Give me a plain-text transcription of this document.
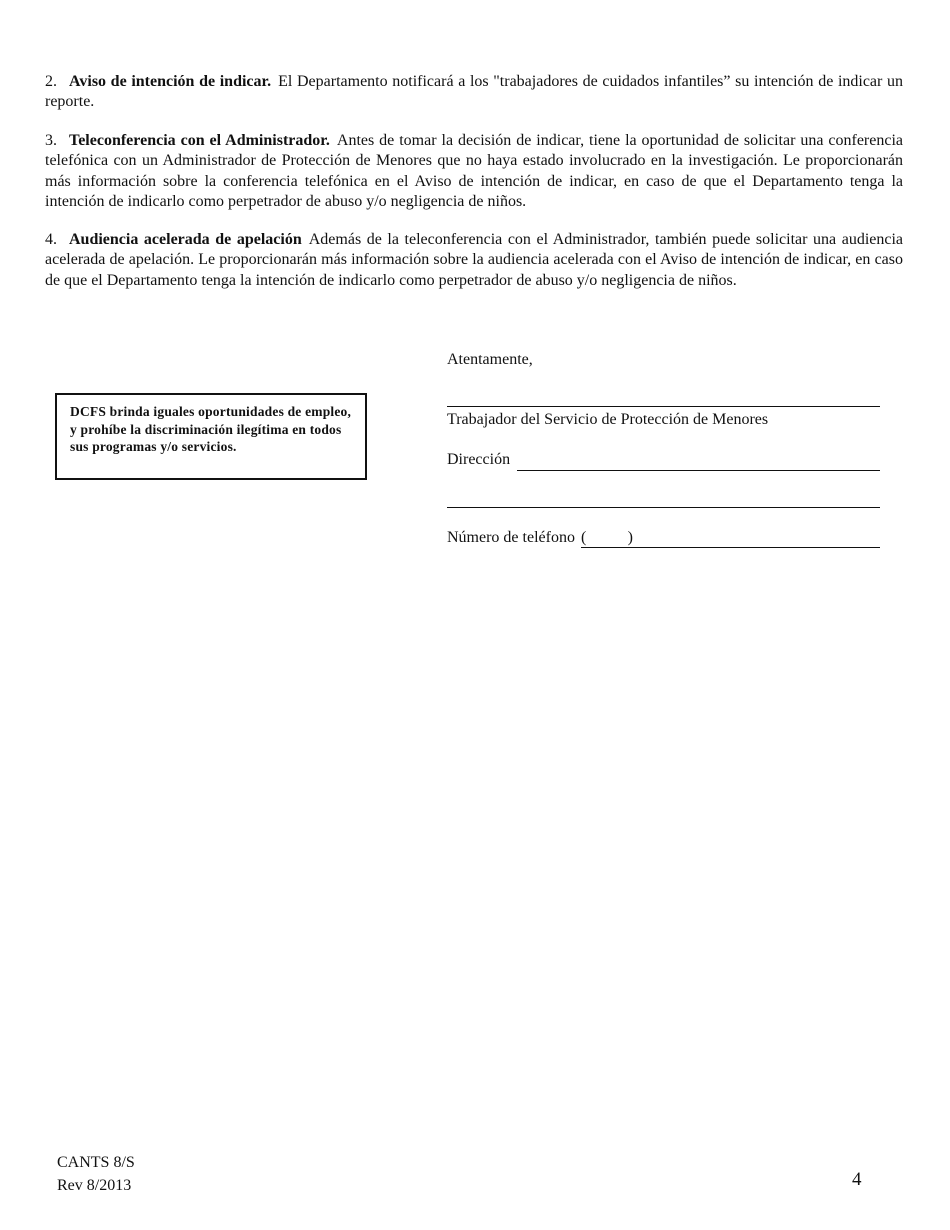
2. Aviso de intención de indicar. El Departamento notificará a los "trabajadores de cuidados infantiles” su intención de indicar un reporte.

3. Teleconferencia con el Administrador. Antes de tomar la decisión de indicar, tiene la oportunidad de solicitar una conferencia telefónica con un Administrador de Protección de Menores que no haya estado involucrado en la investigación. Le proporcionarán más información sobre la conferencia telefónica en el Aviso de intención de indicar, en caso de que el Departamento tenga la intención de indicarlo como perpetrador de abuso y/o negligencia de niños.

4. Audiencia acelerada de apelación Además de la teleconferencia con el Administrador, también puede solicitar una audiencia acelerada de apelación. Le proporcionarán más información sobre la audiencia acelerada con el Aviso de intención de indicar, en caso de que el Departamento tenga la intención de indicarlo como perpetrador de abuso y/o negligencia de niños.

DCFS brinda iguales oportunidades de empleo, y prohíbe la discriminación ilegítima en todos sus programas y/o servicios.
Atentamente,
Trabajador del Servicio de Protección de Menores
Dirección
Número de teléfono (	)
CANTS 8/S
Rev 8/2013	4
